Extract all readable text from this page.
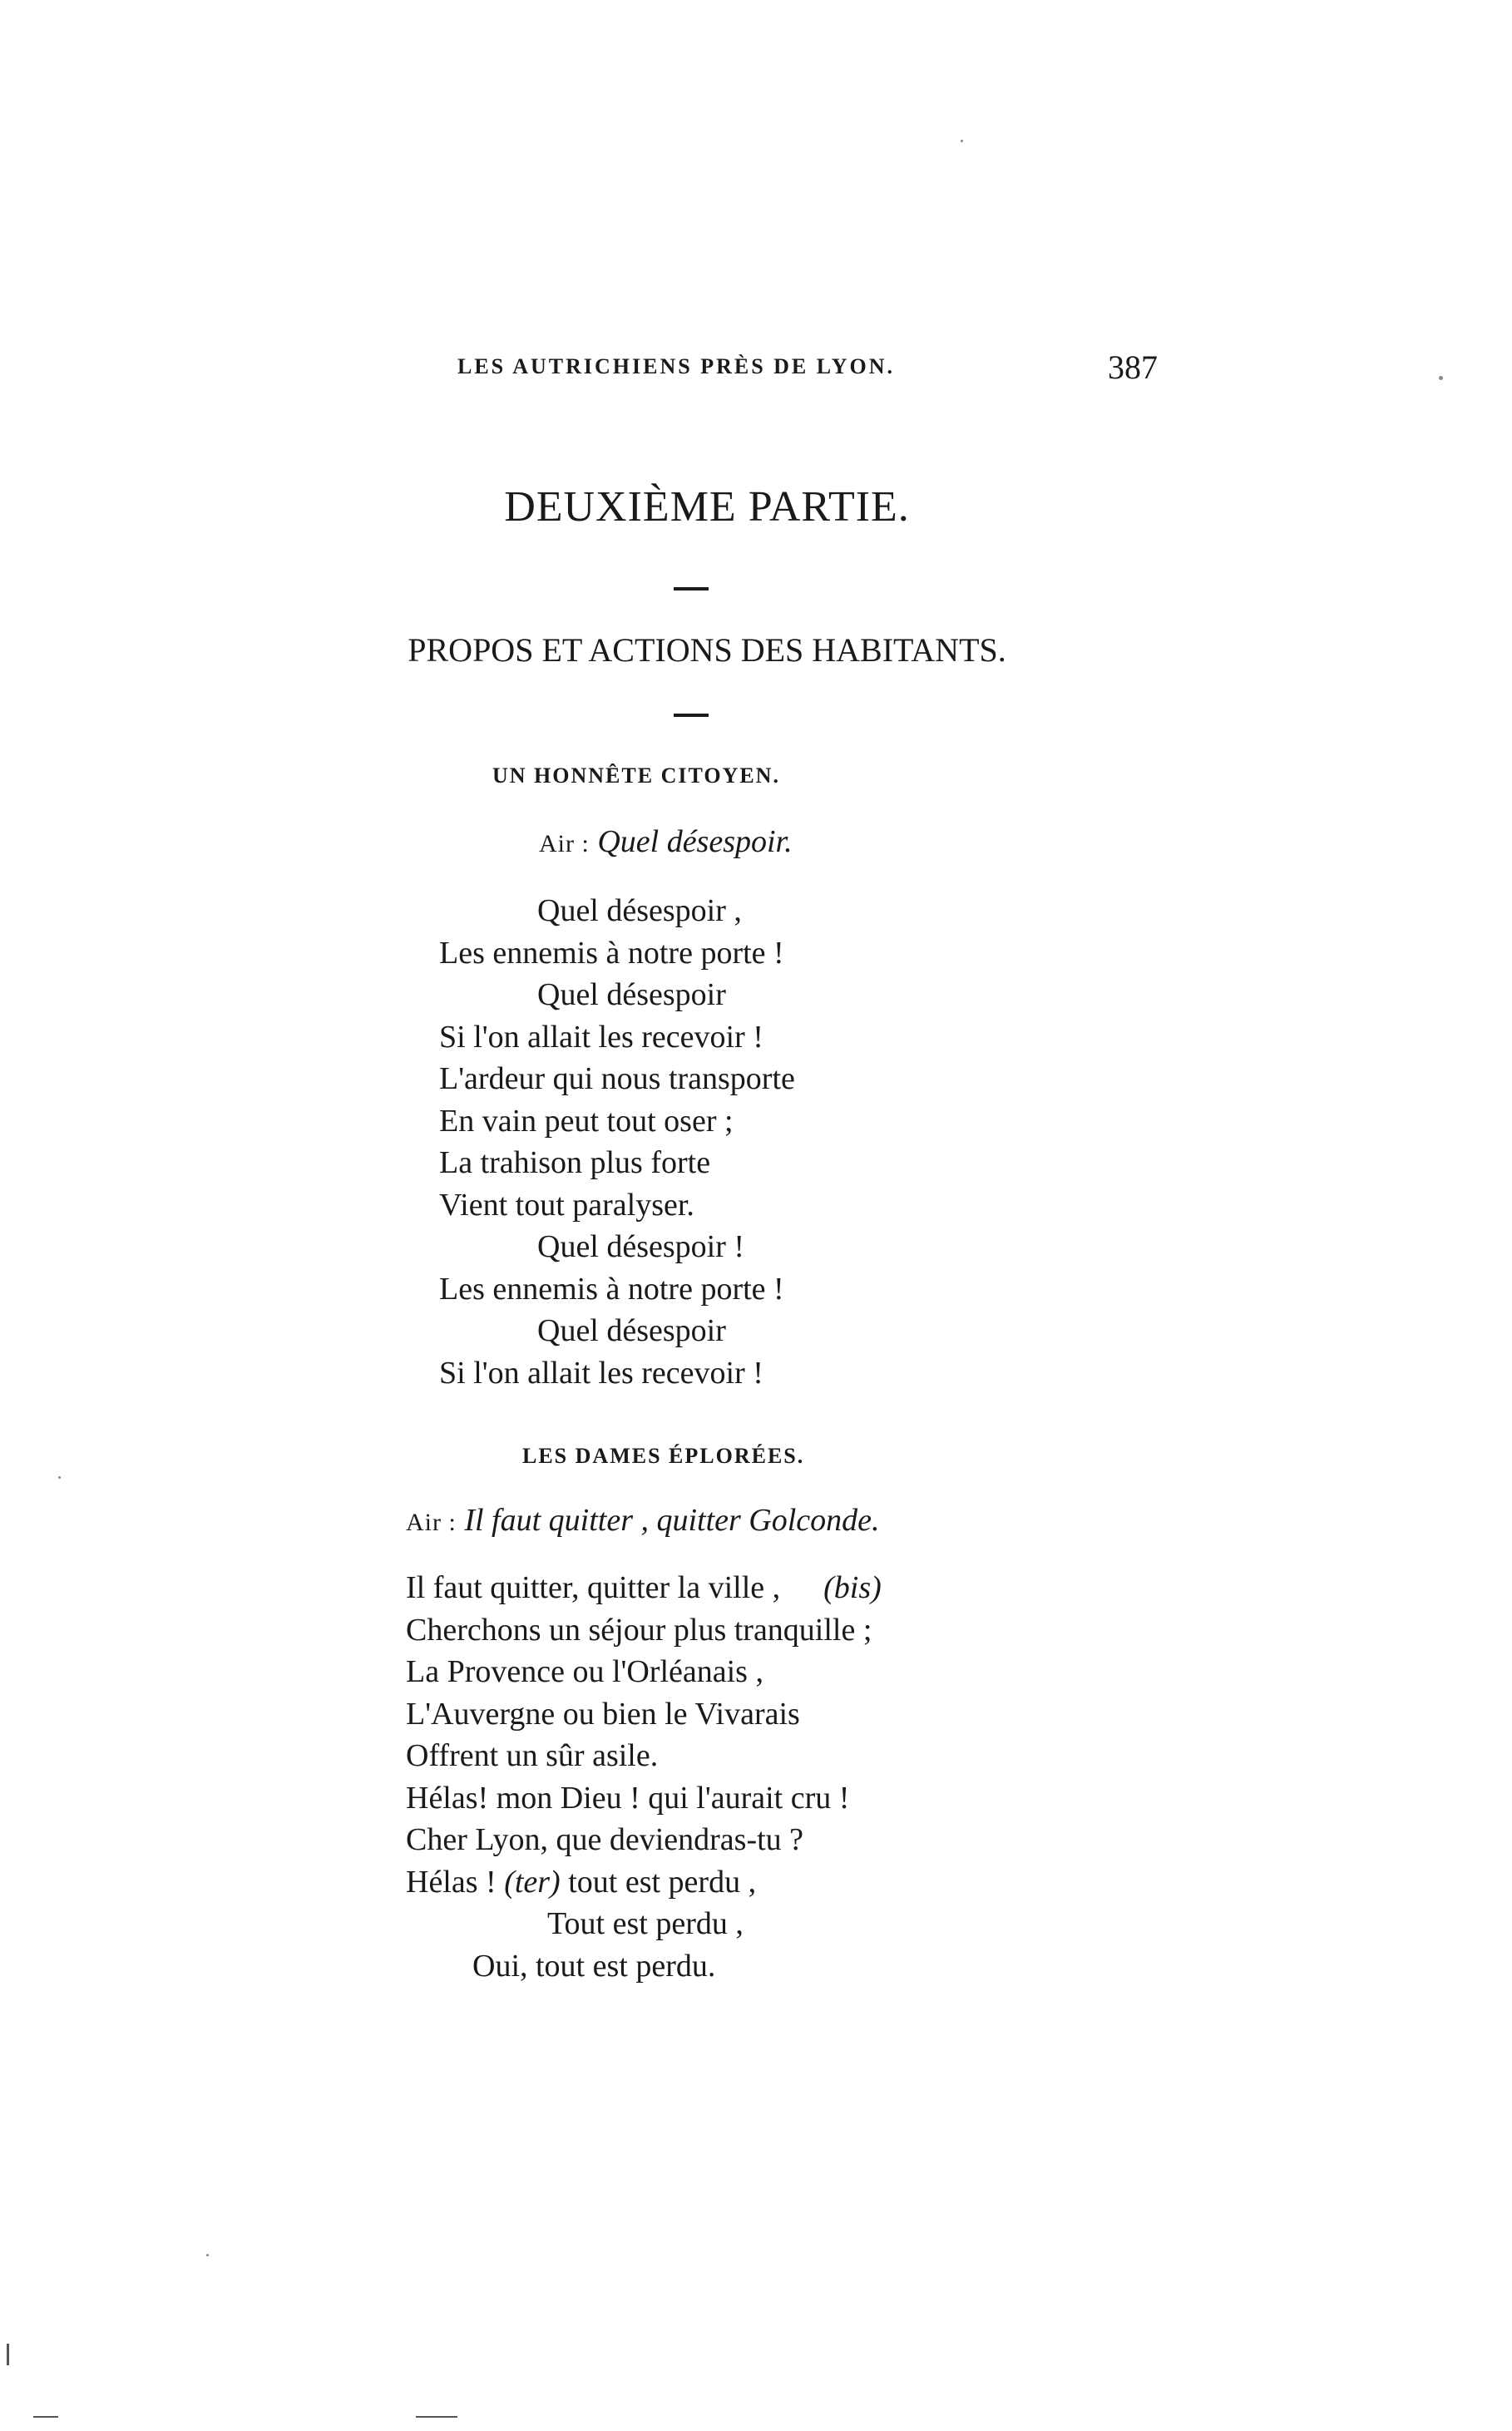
LES AUTRICHIENS PRÈS DE LYON.	387
DEUXIÈME PARTIE.
PROPOS ET ACTIONS DES HABITANTS.
UN HONNÊTE CITOYEN.
Air : Quel désespoir.
Quel désespoir ,
Les ennemis à notre porte !
Quel désespoir
Si l'on allait les recevoir !
L'ardeur qui nous transporte
En vain peut tout oser ;
La trahison plus forte
Vient tout paralyser.
Quel désespoir !
Les ennemis à notre porte !
Quel désespoir
Si l'on allait les recevoir !
LES DAMES ÉPLORÉES.
Air : Il faut quitter , quitter Golconde.
Il faut quitter, quitter la ville , (bis)
Cherchons un séjour plus tranquille ;
La Provence ou l'Orléanais ,
L'Auvergne ou bien le Vivarais
Offrent un sûr asile.
Hélas! mon Dieu ! qui l'aurait cru !
Cher Lyon, que deviendras-tu ?
Hélas ! (ter) tout est perdu ,
Tout est perdu ,
Oui, tout est perdu.
